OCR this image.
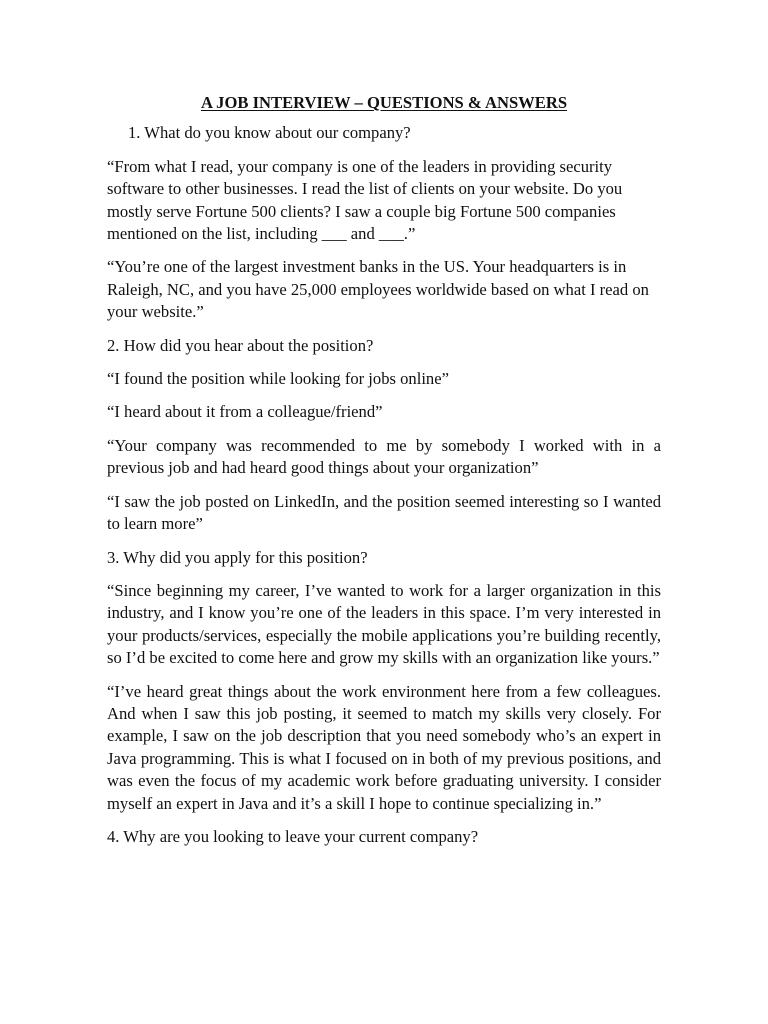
A JOB INTERVIEW – QUESTIONS & ANSWERS
1. What do you know about our company?
“From what I read, your company is one of the leaders in providing security software to other businesses. I read the list of clients on your website. Do you mostly serve Fortune 500 clients? I saw a couple big Fortune 500 companies mentioned on the list, including ___ and ___.”
“You’re one of the largest investment banks in the US. Your headquarters is in Raleigh, NC, and you have 25,000 employees worldwide based on what I read on your website.”
2. How did you hear about the position?
“I found the position while looking for jobs online”
“I heard about it from a colleague/friend”
“Your company was recommended to me by somebody I worked with in a previous job and had heard good things about your organization”
“I saw the job posted on LinkedIn, and the position seemed interesting so I wanted to learn more”
3. Why did you apply for this position?
“Since beginning my career, I’ve wanted to work for a larger organization in this industry, and I know you’re one of the leaders in this space. I’m very interested in your products/services, especially the mobile applications you’re building recently, so I’d be excited to come here and grow my skills with an organization like yours.”
“I’ve heard great things about the work environment here from a few colleagues. And when I saw this job posting, it seemed to match my skills very closely. For example, I saw on the job description that you need somebody who’s an expert in Java programming. This is what I focused on in both of my previous positions, and was even the focus of my academic work before graduating university. I consider myself an expert in Java and it’s a skill I hope to continue specializing in.”
4. Why are you looking to leave your current company?
